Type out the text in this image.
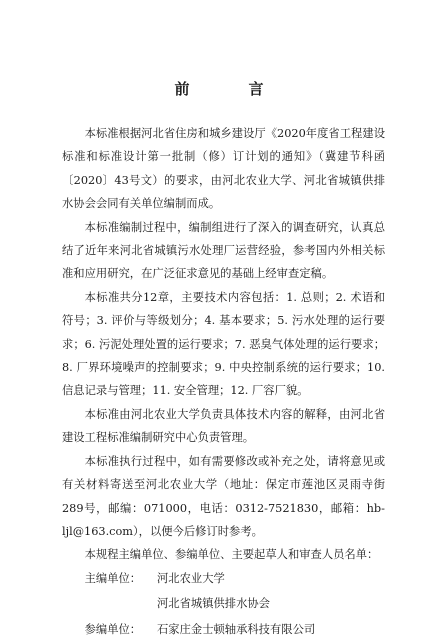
前　言

本标准根据河北省住房和城乡建设厅《2020年度省工程建设标准和标准设计第一批制（修）订计划的通知》（冀建节科函〔2020〕43号文）的要求，由河北农业大学、河北省城镇供排水协会会同有关单位编制而成。

本标准编制过程中，编制组进行了深入的调查研究，认真总结了近年来河北省城镇污水处理厂运营经验，参考国内外相关标准和应用研究，在广泛征求意见的基础上经审查定稿。

本标准共分12章，主要技术内容包括：1. 总则；2. 术语和符号；3. 评价与等级划分；4. 基本要求；5. 污水处理的运行要求；6. 污泥处理处置的运行要求；7. 恶臭气体处理的运行要求；8. 厂界环境噪声的控制要求；9. 中央控制系统的运行要求；10. 信息记录与管理；11. 安全管理；12. 厂容厂貌。

本标准由河北农业大学负责具体技术内容的解释，由河北省建设工程标准编制研究中心负责管理。

本标准执行过程中，如有需要修改或补充之处，请将意见或有关材料寄送至河北农业大学（地址：保定市莲池区灵雨寺街289号，邮编：071000，电话：0312-7521830，邮箱：hb-ljl@163.com），以便今后修订时参考。

本规程主编单位、参编单位、主要起草人和审查人员名单：

主编单位：	河北农业大学
河北省城镇供排水协会
参编单位：	石家庄金士顿轴承科技有限公司
